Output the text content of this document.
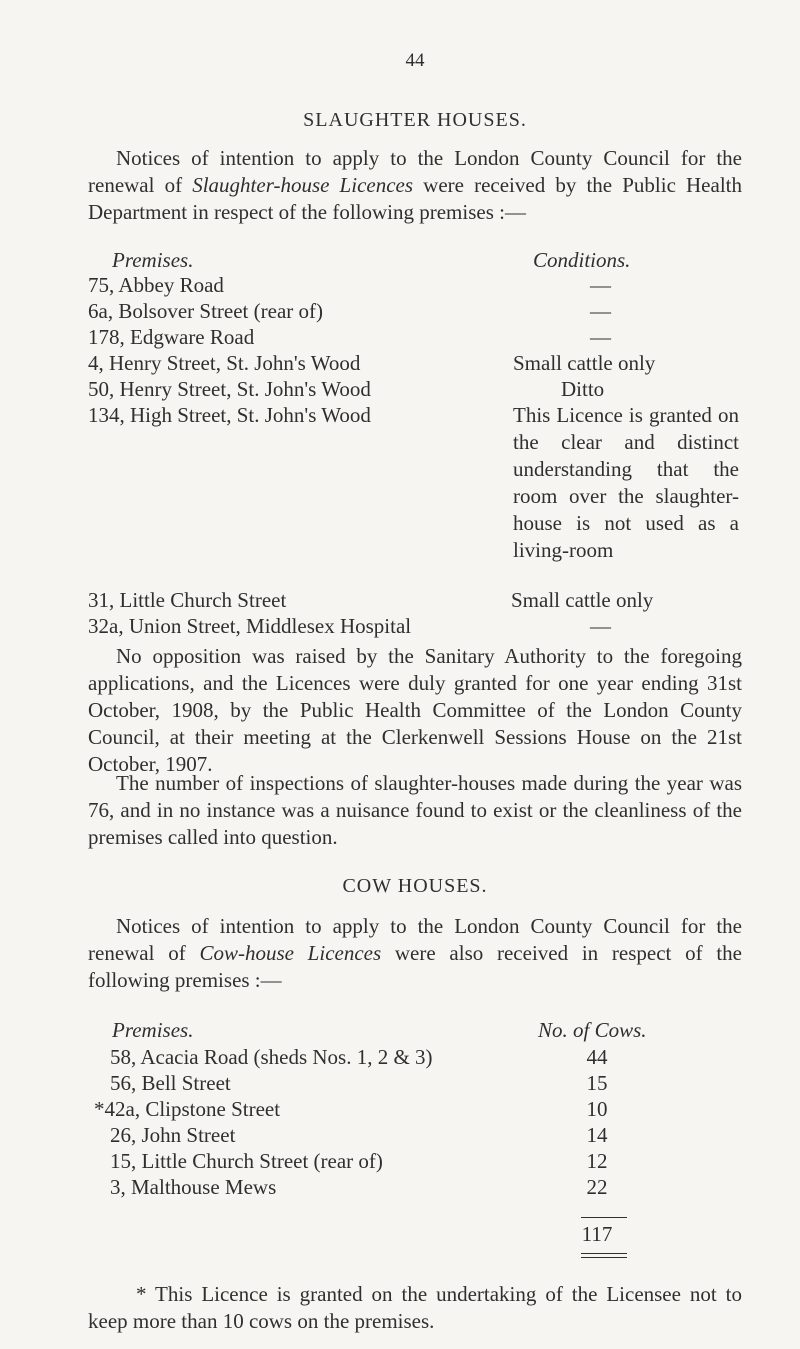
44
SLAUGHTER HOUSES.

Notices of intention to apply to the London County Council for the renewal of Slaughter-house Licences were received by the Public Health Department in respect of the following premises :—

Premises.	Conditions.
75, Abbey Road	—
6a, Bolsover Street (rear of)	—
178, Edgware Road	—
4, Henry Street, St. John's Wood	Small cattle only
50, Henry Street, St. John's Wood	Ditto
134, High Street, St. John's Wood	This Licence is granted on the clear and distinct understanding that the room over the slaughter-house is not used as a living-room
31, Little Church Street	Small cattle only
32a, Union Street, Middlesex Hospital	—

No opposition was raised by the Sanitary Authority to the foregoing applications, and the Licences were duly granted for one year ending 31st October, 1908, by the Public Health Committee of the London County Council, at their meeting at the Clerkenwell Sessions House on the 21st October, 1907.

The number of inspections of slaughter-houses made during the year was 76, and in no instance was a nuisance found to exist or the cleanliness of the premises called into question.

COW HOUSES.

Notices of intention to apply to the London County Council for the renewal of Cow-house Licences were also received in respect of the following premises :—

Premises.	No. of Cows.
58, Acacia Road (sheds Nos. 1, 2 & 3)	44
56, Bell Street	15
*42a, Clipstone Street	10
26, John Street	14
15, Little Church Street (rear of)	12
3, Malthouse Mews	22
117

* This Licence is granted on the undertaking of the Licensee not to keep more than 10 cows on the premises.
